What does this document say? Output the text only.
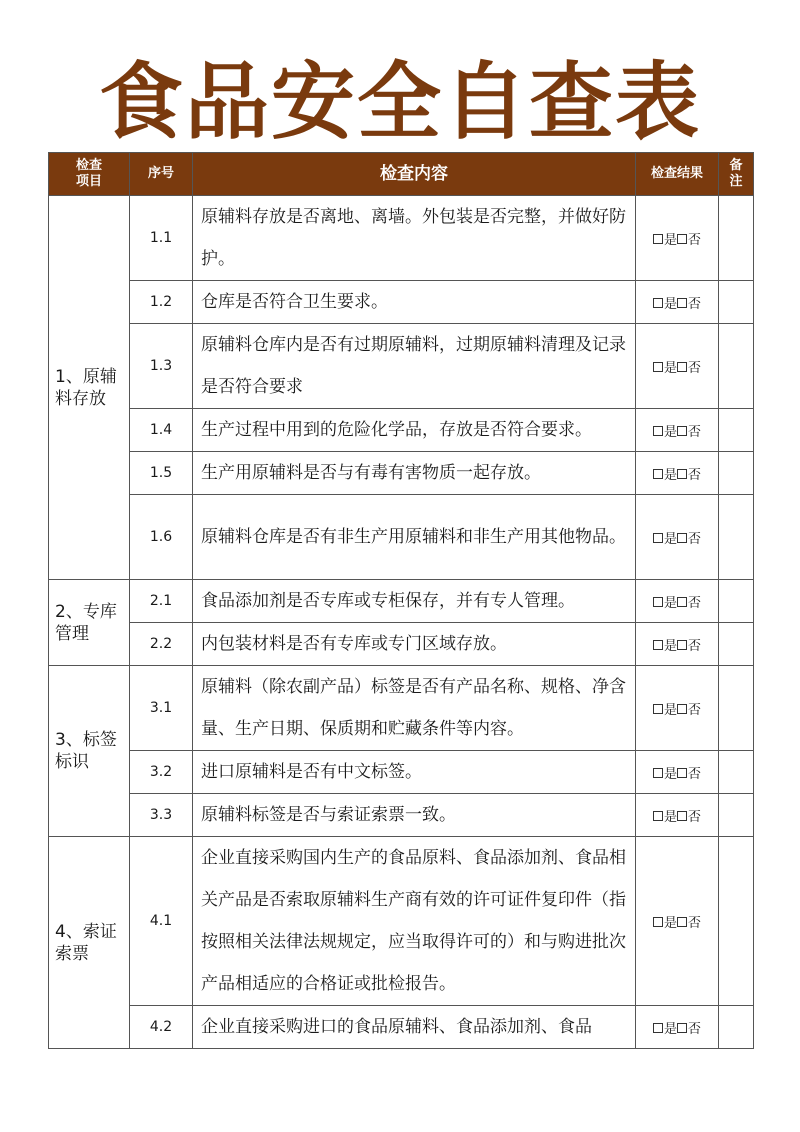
食品安全自查表
检查项目	序号	检查内容	检查结果	备注
1、原辅料存放	1.1	原辅料存放是否离地、离墙。外包装是否完整，并做好防护。	是 否	
	1.2	仓库是否符合卫生要求。	是 否	
	1.3	原辅料仓库内是否有过期原辅料，过期原辅料清理及记录是否符合要求	是 否	
	1.4	生产过程中用到的危险化学品，存放是否符合要求。	是 否	
	1.5	生产用原辅料是否与有毒有害物质一起存放。	是 否	
	1.6	原辅料仓库是否有非生产用原辅料和非生产用其他物品。	是 否	
2、专库管理	2.1	食品添加剂是否专库或专柜保存，并有专人管理。	是 否	
	2.2	内包装材料是否有专库或专门区域存放。	是 否	
3、标签标识	3.1	原辅料（除农副产品）标签是否有产品名称、规格、净含量、生产日期、保质期和贮藏条件等内容。	是 否	
	3.2	进口原辅料是否有中文标签。	是 否	
	3.3	原辅料标签是否与索证索票一致。	是 否	
4、索证索票	4.1	企业直接采购国内生产的食品原料、食品添加剂、食品相关产品是否索取原辅料生产商有效的许可证件复印件（指按照相关法律法规规定，应当取得许可的）和与购进批次产品相适应的合格证或批检报告。	是 否	
	4.2	企业直接采购进口的食品原辅料、食品添加剂、食品	是 否	
